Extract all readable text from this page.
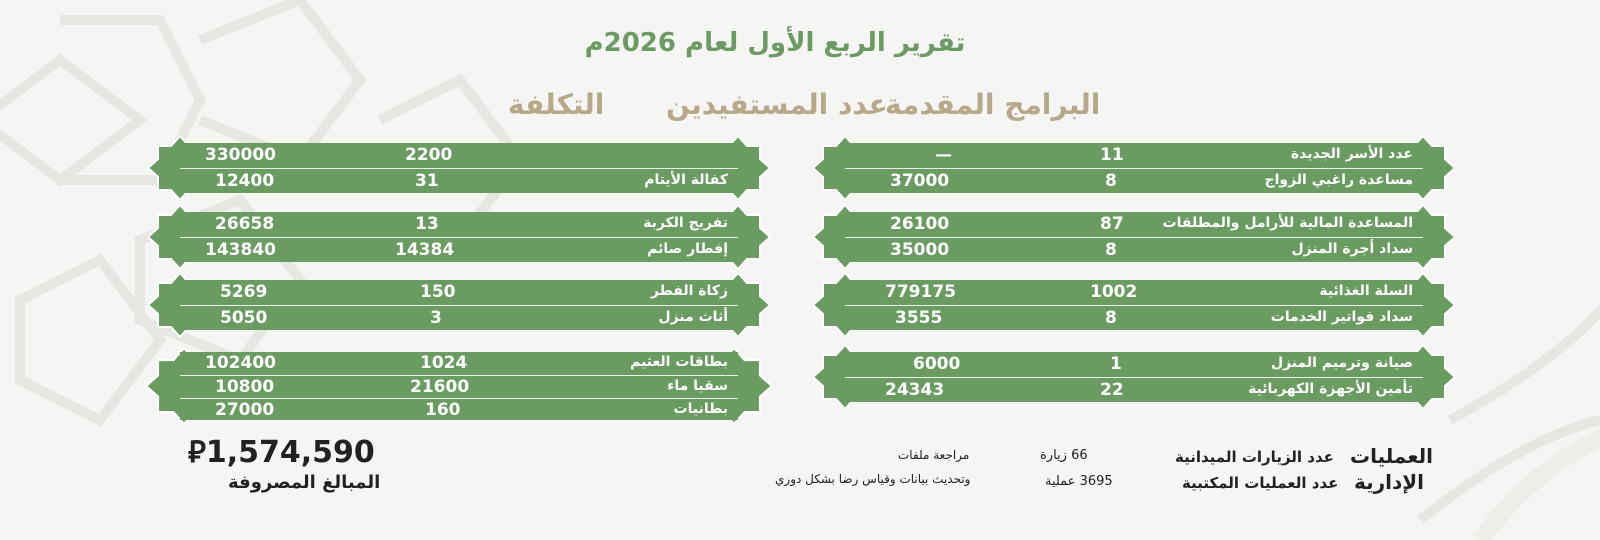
تقرير الربع الأول لعام 2026م
البرامج المقدمة
عدد المستفيدين
التكلفة
عدد الأسر الجديدة
11
—
مساعدة راغبي الزواج
8
37000
المساعدة المالية للأرامل والمطلقات
87
26100
سداد أجرة المنزل
8
35000
السلة الغذائية
1002
779175
سداد فواتير الخدمات
8
3555
صيانة وترميم المنزل
1
6000
تأمين الأجهزة الكهربائية
22
24343
2200
330000
كفالة الأيتام
31
12400
تفريج الكربة
13
26658
إفطار صائم
14384
143840
زكاة الفطر
150
5269
أثاث منزل
3
5050
بطاقات العثيم
1024
102400
سقيا ماء
21600
10800
بطانيات
160
27000
العمليات
الإدارية
عدد الزيارات الميدانية
عدد العمليات المكتبية
66 زيارة
3695 عملية
مراجعة ملفات
وتحديث بيانات وقياس رضا بشكل دوري
⃁1,574,590
المبالغ المصروفة
